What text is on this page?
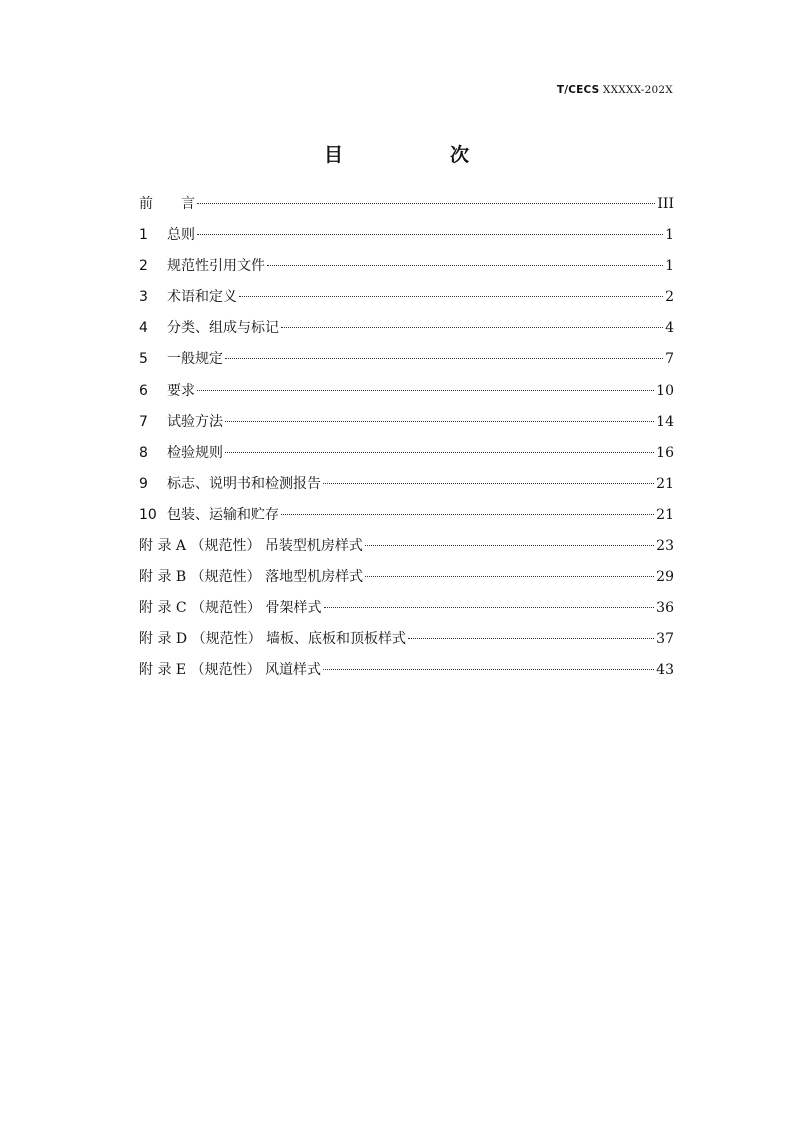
T/CECS XXXXX-202X
目　次
前　　言	III
1	总则	1
2	规范性引用文件	1
3	术语和定义	2
4	分类、组成与标记	4
5	一般规定	7
6	要求	10
7	试验方法	14
8	检验规则	16
9	标志、说明书和检测报告	21
10 包装、运输和贮存	21
附 录 A （规范性） 吊装型机房样式	23
附 录 B （规范性） 落地型机房样式	29
附 录 C （规范性） 骨架样式	36
附 录 D （规范性） 墙板、底板和顶板样式	37
附 录 E （规范性） 风道样式	43
